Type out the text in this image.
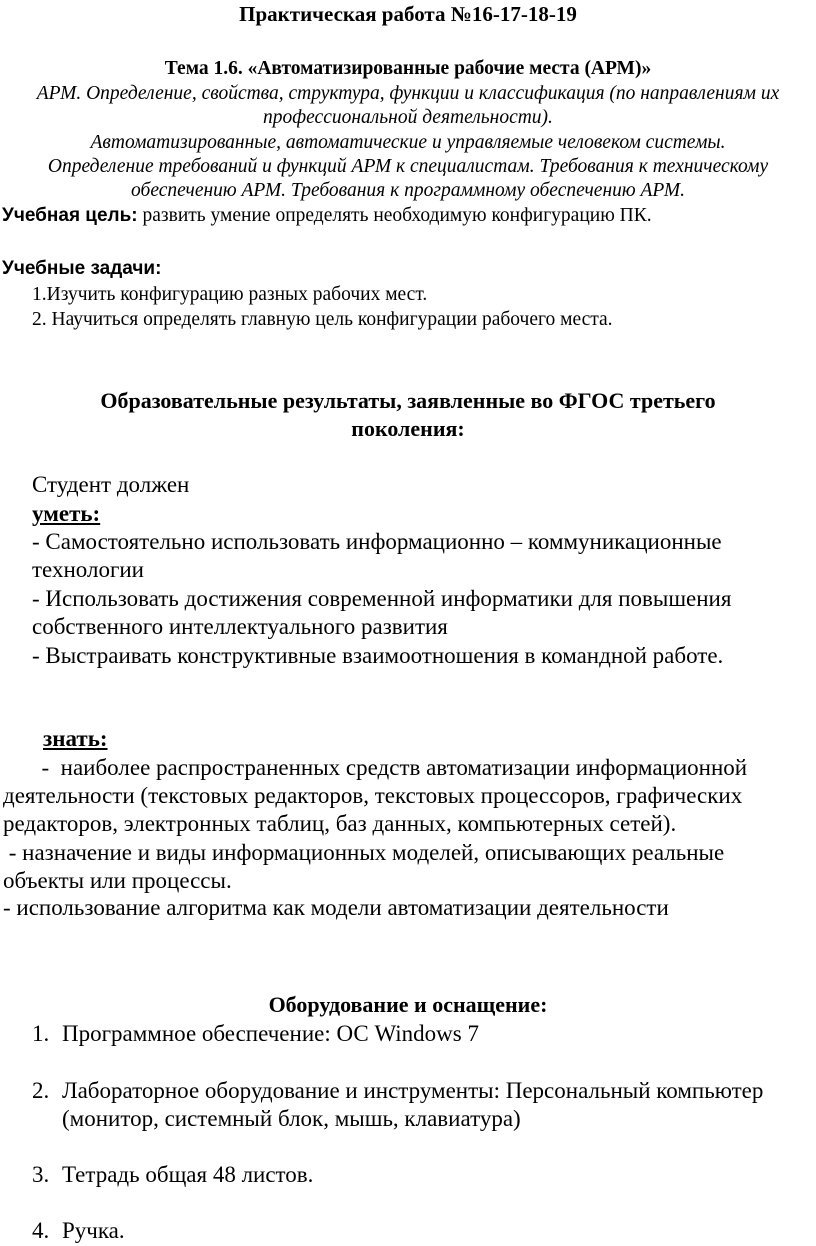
Практическая работа №16-17-18-19
Тема 1.6. «Автоматизированные рабочие места (АРМ)»
АРМ. Определение, свойства, структура, функции и классификация (по направлениям их
профессиональной деятельности).
Автоматизированные, автоматические и управляемые человеком системы.
Определение требований и функций АРМ к специалистам. Требования к техническому
обеспечению АРМ. Требования к программному обеспечению АРМ.
Учебная цель: развить умение определять необходимую конфигурацию ПК.
Учебные задачи:
1.Изучить конфигурацию разных рабочих мест.
2. Научиться определять главную цель конфигурации рабочего места.
Образовательные результаты, заявленные во ФГОС третьего
поколения:
Студент должен
уметь:
- Самостоятельно использовать информационно – коммуникационные
технологии
- Использовать достижения современной информатики для повышения
собственного интеллектуального развития
- Выстраивать конструктивные взаимоотношения в командной работе.
знать:
-  наиболее распространенных средств автоматизации информационной
деятельности (текстовых редакторов, текстовых процессоров, графических
редакторов, электронных таблиц, баз данных, компьютерных сетей).
- назначение и виды информационных моделей, описывающих реальные
объекты или процессы.
- использование алгоритма как модели автоматизации деятельности
Оборудование и оснащение:
1. Программное обеспечение: ОС Windows 7
2. Лабораторное оборудование и инструменты: Персональный компьютер
(монитор, системный блок, мышь, клавиатура)
3. Тетрадь общая 48 листов.
4. Ручка.
